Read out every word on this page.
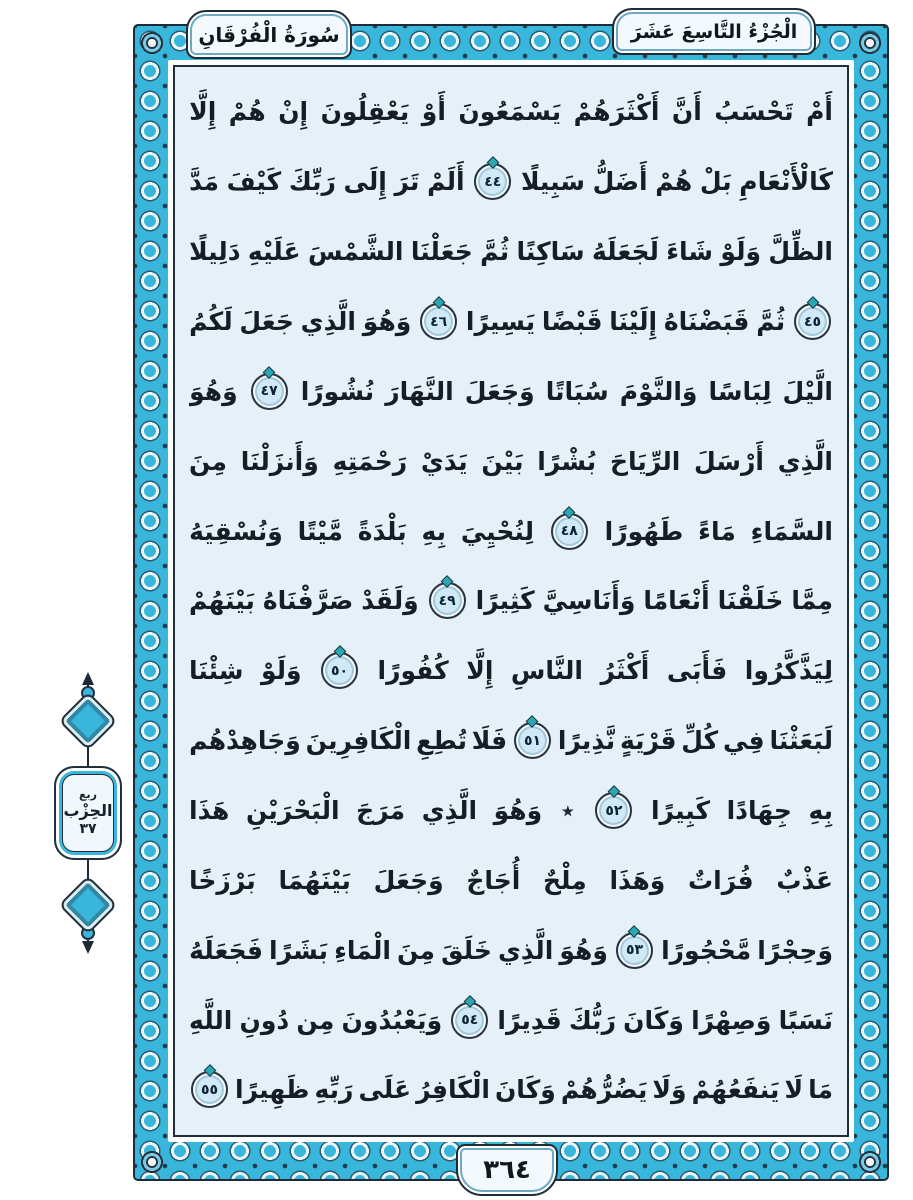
سُورَةُ الْفُرْقَانِ	الْجُزْءُ التَّاسِعَ عَشَرَ
أَمْ
تَحْسَبُ
أَنَّ
أَكْثَرَهُمْ
يَسْمَعُونَ
أَوْ
يَعْقِلُونَ
إِنْ
هُمْ
إِلَّا
كَالْأَنْعَامِ
بَلْ
هُمْ
أَضَلُّ
سَبِيلًا
٤٤
أَلَمْ
تَرَ
إِلَى
رَبِّكَ
كَيْفَ
مَدَّ
الظِّلَّ
وَلَوْ
شَاءَ
لَجَعَلَهُ
سَاكِنًا
ثُمَّ
جَعَلْنَا
الشَّمْسَ
عَلَيْهِ
دَلِيلًا
٤٥
ثُمَّ
قَبَضْنَاهُ
إِلَيْنَا
قَبْضًا
يَسِيرًا
٤٦
وَهُوَ
الَّذِي
جَعَلَ
لَكُمُ
الَّيْلَ
لِبَاسًا
وَالنَّوْمَ
سُبَاتًا
وَجَعَلَ
النَّهَارَ
نُشُورًا
٤٧
وَهُوَ
الَّذِي
أَرْسَلَ
الرِّيَاحَ
بُشْرًا
بَيْنَ
يَدَيْ
رَحْمَتِهِ
وَأَنزَلْنَا
مِنَ
السَّمَاءِ
مَاءً
طَهُورًا
٤٨
لِنُحْيِيَ
بِهِ
بَلْدَةً
مَّيْتًا
وَنُسْقِيَهُ
مِمَّا
خَلَقْنَا
أَنْعَامًا
وَأَنَاسِيَّ
كَثِيرًا
٤٩
وَلَقَدْ
صَرَّفْنَاهُ
بَيْنَهُمْ
لِيَذَّكَّرُوا
فَأَبَى
أَكْثَرُ
النَّاسِ
إِلَّا
كُفُورًا
٥٠
وَلَوْ
شِئْنَا
لَبَعَثْنَا
فِي
كُلِّ
قَرْيَةٍ
نَّذِيرًا
٥١
فَلَا
تُطِعِ
الْكَافِرِينَ
وَجَاهِدْهُم
بِهِ
جِهَادًا
كَبِيرًا
٥٢
٭
وَهُوَ
الَّذِي
مَرَجَ
الْبَحْرَيْنِ
هَذَا
عَذْبٌ
فُرَاتٌ
وَهَذَا
مِلْحٌ
أُجَاجٌ
وَجَعَلَ
بَيْنَهُمَا
بَرْزَخًا
وَحِجْرًا
مَّحْجُورًا
٥٣
وَهُوَ
الَّذِي
خَلَقَ
مِنَ
الْمَاءِ
بَشَرًا
فَجَعَلَهُ
نَسَبًا
وَصِهْرًا
وَكَانَ
رَبُّكَ
قَدِيرًا
٥٤
وَيَعْبُدُونَ
مِن
دُونِ
اللَّهِ
مَا
لَا
يَنفَعُهُمْ
وَلَا
يَضُرُّهُمْ
وَكَانَ
الْكَافِرُ
عَلَى
رَبِّهِ
ظَهِيرًا
٥٥
٣٦٤
ربع
الحِزْب
٣٧
